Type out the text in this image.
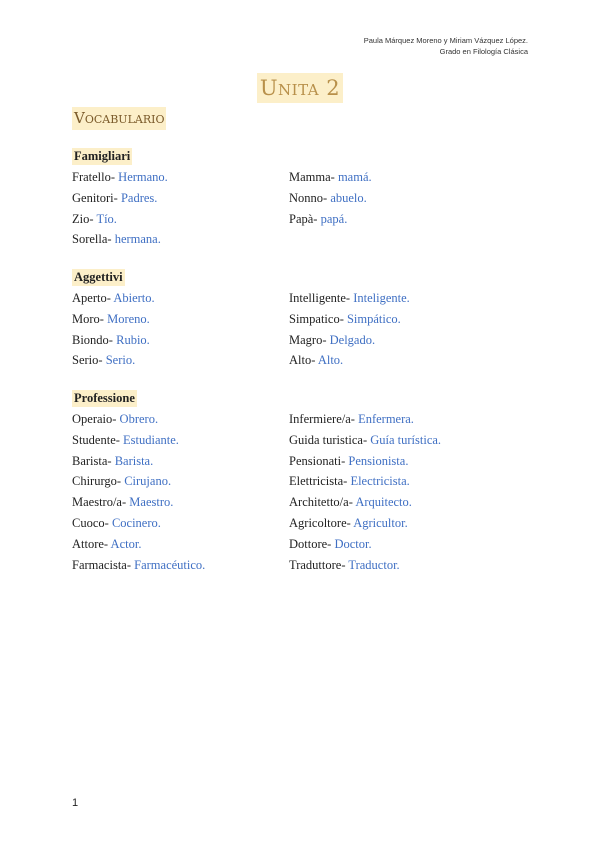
Paula Márquez Moreno y Miriam Vázquez López.
Grado en Filología Clásica
Unita 2
Vocabulario
Famigliari
Fratello- Hermano.
Genitori- Padres.
Zio- Tío.
Sorella- hermana.
Mamma- mamá.
Nonno- abuelo.
Papà- papá.
Aggettivi
Aperto- Abierto.
Moro- Moreno.
Biondo- Rubio.
Serio- Serio.
Intelligente- Inteligente.
Simpatico- Simpático.
Magro- Delgado.
Alto- Alto.
Professione
Operaio- Obrero.
Studente- Estudiante.
Barista- Barista.
Chirurgo- Cirujano.
Maestro/a- Maestro.
Cuoco- Cocinero.
Attore- Actor.
Farmacista- Farmacéutico.
Infermiere/a- Enfermera.
Guida turistica- Guía turística.
Pensionati- Pensionista.
Elettricista- Electricista.
Architetto/a- Arquitecto.
Agricoltore- Agricultor.
Dottore- Doctor.
Traduttore- Traductor.
1
